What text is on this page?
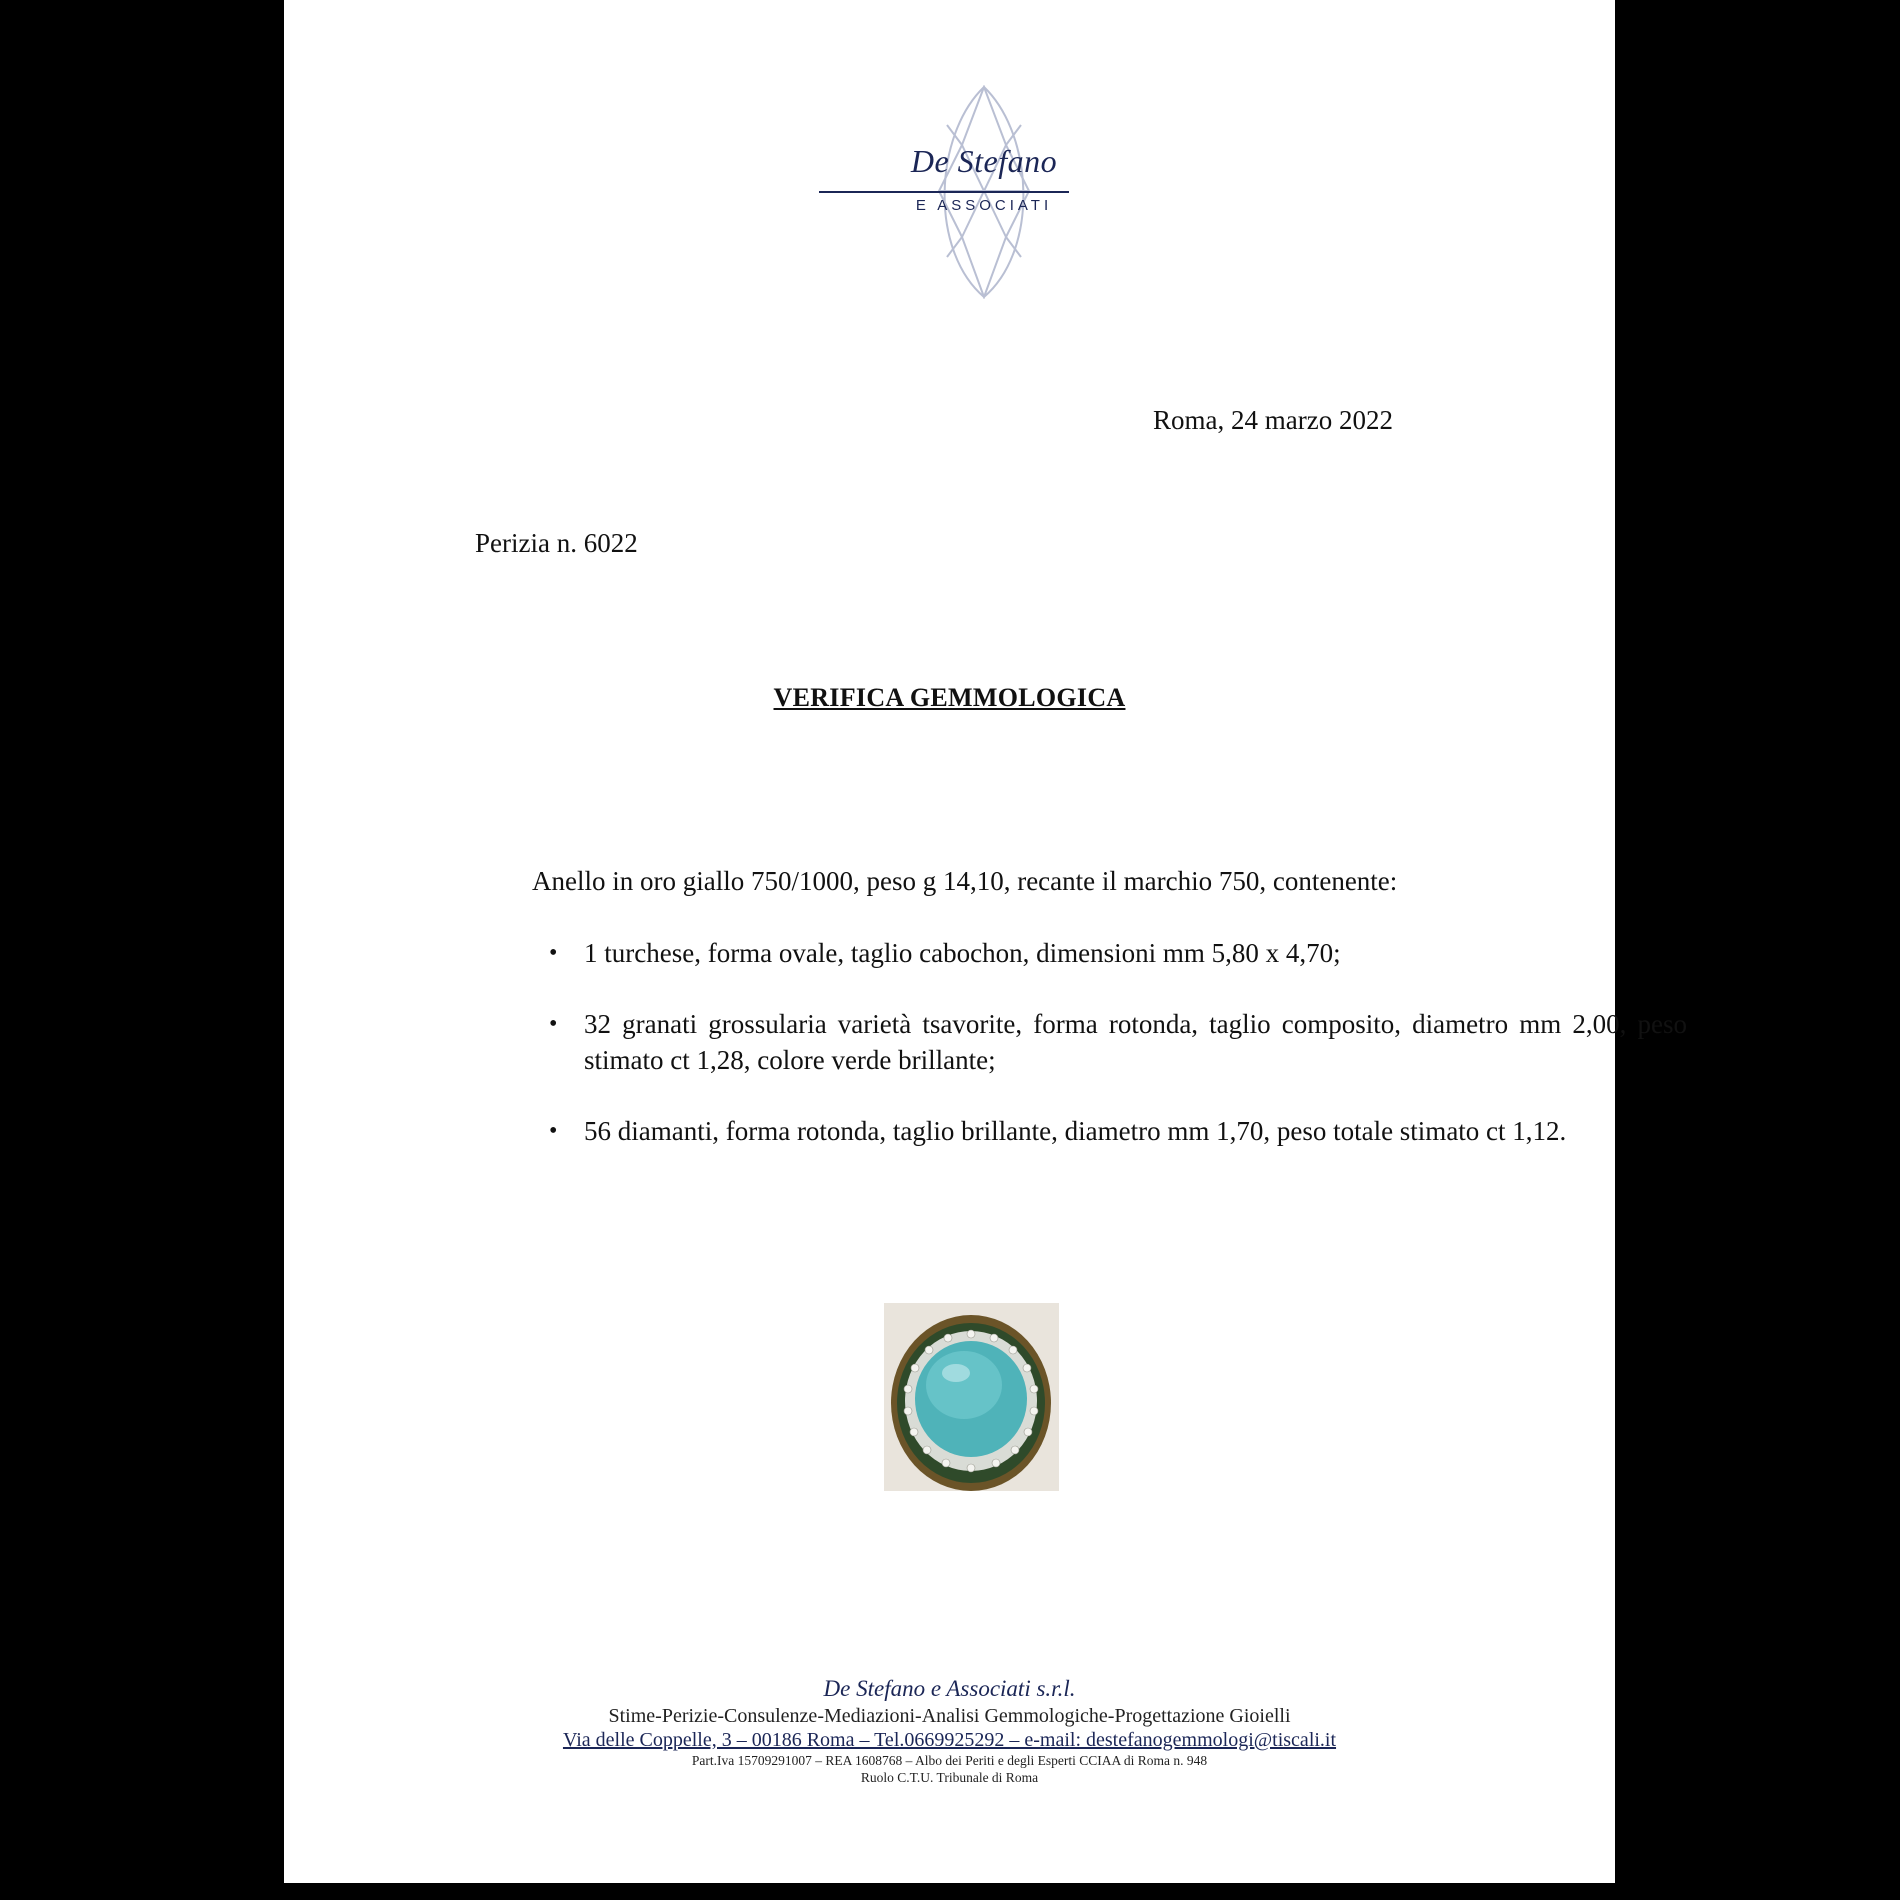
De Stefano
E ASSOCIATI
Roma, 24 marzo 2022
Perizia n. 6022
VERIFICA GEMMOLOGICA
Anello in oro giallo 750/1000, peso g 14,10, recante il marchio 750, contenente:
• 1 turchese, forma ovale, taglio cabochon, dimensioni mm 5,80 x 4,70;
• 32 granati grossularia varietà tsavorite, forma rotonda, taglio composito, diametro mm 2,00, peso stimato ct 1,28, colore verde brillante;
• 56 diamanti, forma rotonda, taglio brillante, diametro mm 1,70, peso totale stimato ct 1,12.
De Stefano e Associati s.r.l.
Stime-Perizie-Consulenze-Mediazioni-Analisi Gemmologiche-Progettazione Gioielli
Via delle Coppelle, 3 – 00186 Roma – Tel.0669925292 – e-mail: destefanogemmologi@tiscali.it
Part.Iva 15709291007 – REA 1608768 – Albo dei Periti e degli Esperti CCIAA di Roma n. 948
Ruolo C.T.U. Tribunale di Roma
